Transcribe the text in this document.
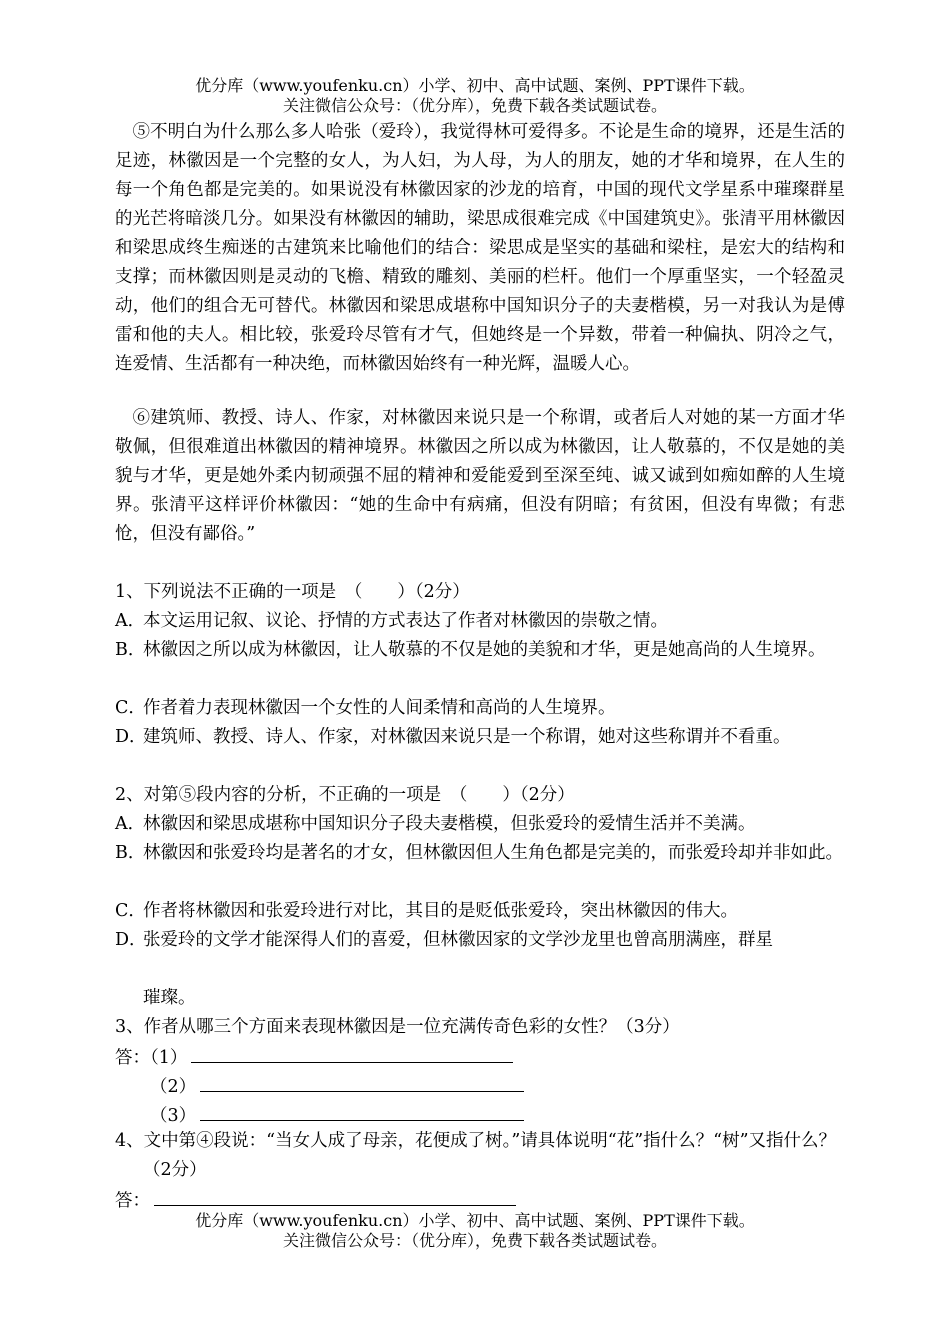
优分库（www.youfenku.cn）小学、初中、高中试题、案例、PPT课件下载。
关注微信公众号：（优分库），免费下载各类试题试卷。

⑤不明白为什么那么多人哈张（爱玲），我觉得林可爱得多。不论是生命的境界，还是生活的足迹，林徽因是一个完整的女人，为人妇，为人母，为人的朋友，她的才华和境界，在人生的每一个角色都是完美的。如果说没有林徽因家的沙龙的培育，中国的现代文学星系中璀璨群星的光芒将暗淡几分。如果没有林徽因的辅助，梁思成很难完成《中国建筑史》。张清平用林徽因和梁思成终生痴迷的古建筑来比喻他们的结合：梁思成是坚实的基础和梁柱，是宏大的结构和支撑；而林徽因则是灵动的飞檐、精致的雕刻、美丽的栏杆。他们一个厚重坚实，一个轻盈灵动，他们的组合无可替代。林徽因和梁思成堪称中国知识分子的夫妻楷模，另一对我认为是傅雷和他的夫人。相比较，张爱玲尽管有才气，但她终是一个异数，带着一种偏执、阴冷之气，连爱情、生活都有一种决绝，而林徽因始终有一种光辉，温暖人心。

⑥建筑师、教授、诗人、作家，对林徽因来说只是一个称谓，或者后人对她的某一方面才华敬佩，但很难道出林徽因的精神境界。林徽因之所以成为林徽因，让人敬慕的，不仅是她的美貌与才华，更是她外柔内韧顽强不屈的精神和爱能爱到至深至纯、诚又诚到如痴如醉的人生境界。张清平这样评价林徽因：“她的生命中有病痛，但没有阴暗；有贫困，但没有卑微；有悲怆，但没有鄙俗。”

1、下列说法不正确的一项是　（　　）（2分）
A．本文运用记叙、议论、抒情的方式表达了作者对林徽因的崇敬之情。
B．林徽因之所以成为林徽因，让人敬慕的不仅是她的美貌和才华，更是她高尚的人生境界。
C．作者着力表现林徽因一个女性的人间柔情和高尚的人生境界。
D．建筑师、教授、诗人、作家，对林徽因来说只是一个称谓，她对这些称谓并不看重。
2、对第⑤段内容的分析，不正确的一项是　（　　）（2分）
A．林徽因和梁思成堪称中国知识分子段夫妻楷模，但张爱玲的爱情生活并不美满。
B．林徽因和张爱玲均是著名的才女，但林徽因但人生角色都是完美的，而张爱玲却并非如此。
C．作者将林徽因和张爱玲进行对比，其目的是贬低张爱玲，突出林徽因的伟大。
D．张爱玲的文学才能深得人们的喜爱，但林徽因家的文学沙龙里也曾高朋满座，群星
璀璨。
3、作者从哪三个方面来表现林徽因是一位充满传奇色彩的女性？（3分）
答：（1）
（2）
（3）
4、文中第④段说：“当女人成了母亲，花便成了树。”请具体说明“花”指什么？“树”又指什么？（2分）
答：
优分库（www.youfenku.cn）小学、初中、高中试题、案例、PPT课件下载。
关注微信公众号：（优分库），免费下载各类试题试卷。
